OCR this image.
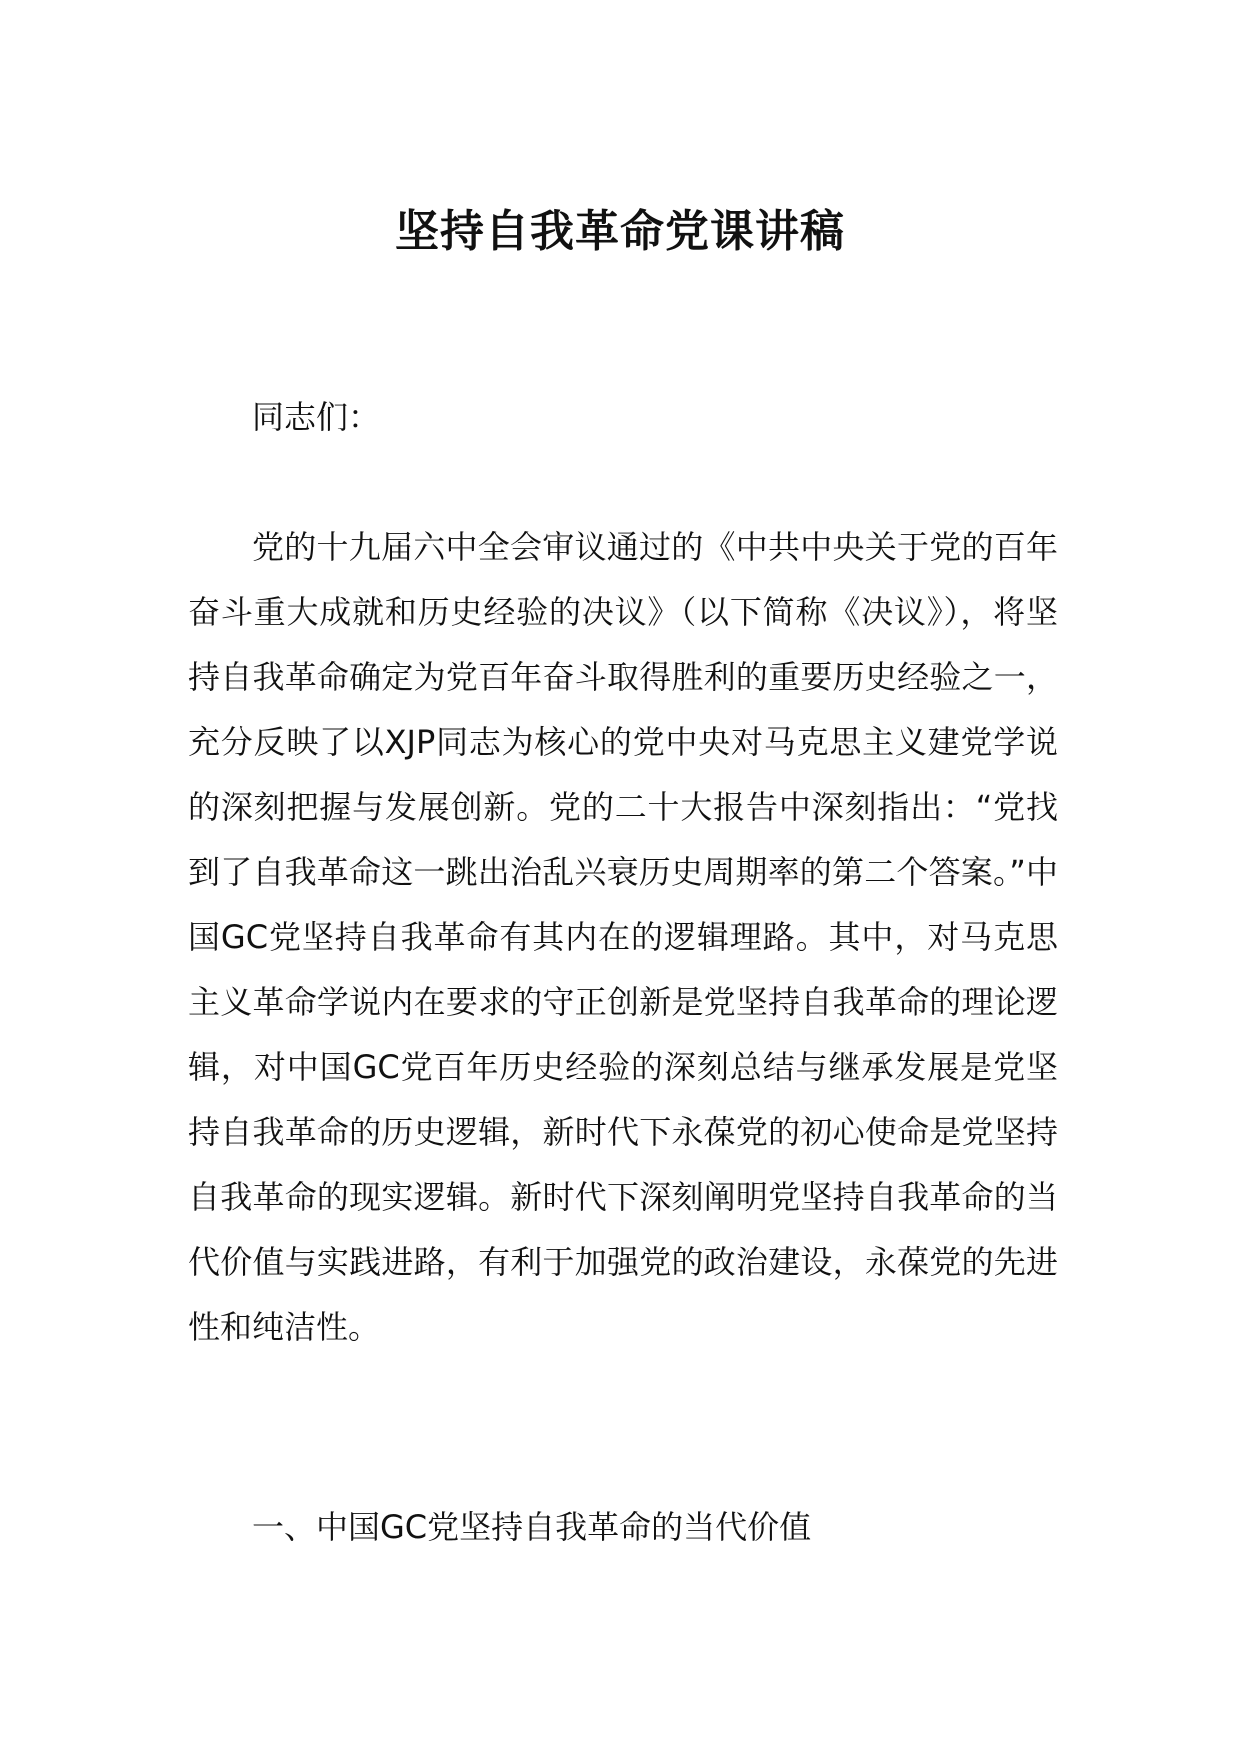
坚持自我革命党课讲稿

同志们：

党的十九届六中全会审议通过的《中共中央关于党的百年奋斗重大成就和历史经验的决议》（以下简称《决议》），将坚持自我革命确定为党百年奋斗取得胜利的重要历史经验之一，充分反映了以XJP同志为核心的党中央对马克思主义建党学说的深刻把握与发展创新。党的二十大报告中深刻指出：“党找到了自我革命这一跳出治乱兴衰历史周期率的第二个答案。”中国GC党坚持自我革命有其内在的逻辑理路。其中，对马克思主义革命学说内在要求的守正创新是党坚持自我革命的理论逻辑，对中国GC党百年历史经验的深刻总结与继承发展是党坚持自我革命的历史逻辑，新时代下永葆党的初心使命是党坚持自我革命的现实逻辑。新时代下深刻阐明党坚持自我革命的当代价值与实践进路，有利于加强党的政治建设，永葆党的先进性和纯洁性。

一、中国GC党坚持自我革命的当代价值
